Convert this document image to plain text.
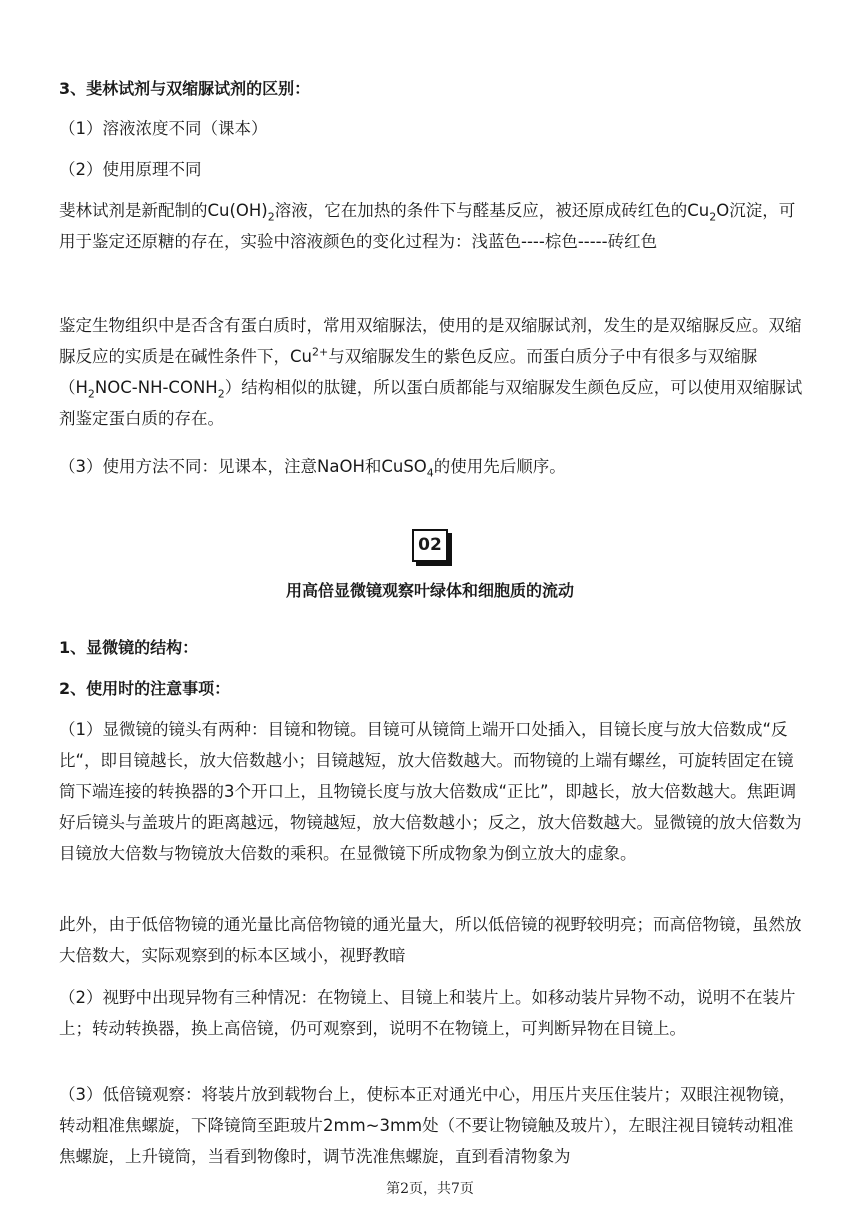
3、斐林试剂与双缩脲试剂的区别：

（1）溶液浓度不同（课本）

（2）使用原理不同

斐林试剂是新配制的$Cu(OH)_2$溶液，它在加热的条件下与醛基反应，被还原成砖红色的$Cu_2O$沉淀，可用于鉴定还原糖的存在，实验中溶液颜色的变化过程为：浅蓝色----棕色-----砖红色

鉴定生物组织中是否含有蛋白质时，常用双缩脲法，使用的是双缩脲试剂，发生的是双缩脲反应。双缩脲反应的实质是在碱性条件下，$Cu^{2+}$与双缩脲发生的紫色反应。而蛋白质分子中有很多与双缩脲$(H_2NOC-NH-CONH_2)$结构相似的肽键，所以蛋白质都能与双缩脲发生颜色反应，可以使用双缩脲试剂鉴定蛋白质的存在。

（3）使用方法不同：见课本，注意NaOH和CuSO$_4$的使用先后顺序。

02

用高倍显微镜观察叶绿体和细胞质的流动

1、显微镜的结构：

2、使用时的注意事项：

（1）显微镜的镜头有两种：目镜和物镜。目镜可从镜筒上端开口处插入，目镜长度与放大倍数成“反比“，即目镜越长，放大倍数越小；目镜越短，放大倍数越大。而物镜的上端有螺丝，可旋转固定在镜筒下端连接的转换器的3个开口上，且物镜长度与放大倍数成“正比”，即越长，放大倍数越大。焦距调好后镜头与盖玻片的距离越远，物镜越短，放大倍数越小；反之，放大倍数越大。显微镜的放大倍数为目镜放大倍数与物镜放大倍数的乘积。在显微镜下所成物象为倒立放大的虚象。

此外，由于低倍物镜的通光量比高倍物镜的通光量大，所以低倍镜的视野较明亮；而高倍物镜，虽然放大倍数大，实际观察到的标本区域小，视野教暗

（2）视野中出现异物有三种情况：在物镜上、目镜上和装片上。如移动装片异物不动，说明不在装片上；转动转换器，换上高倍镜，仍可观察到，说明不在物镜上，可判断异物在目镜上。

（3）低倍镜观察：将装片放到载物台上，使标本正对通光中心，用压片夹压住装片；双眼注视物镜，转动粗准焦螺旋，下降镜筒至距玻片2mm~3mm处（不要让物镜触及玻片），左眼注视目镜转动粗准焦螺旋，上升镜筒，当看到物像时，调节洗准焦螺旋，直到看清物象为

第2页，共7页
